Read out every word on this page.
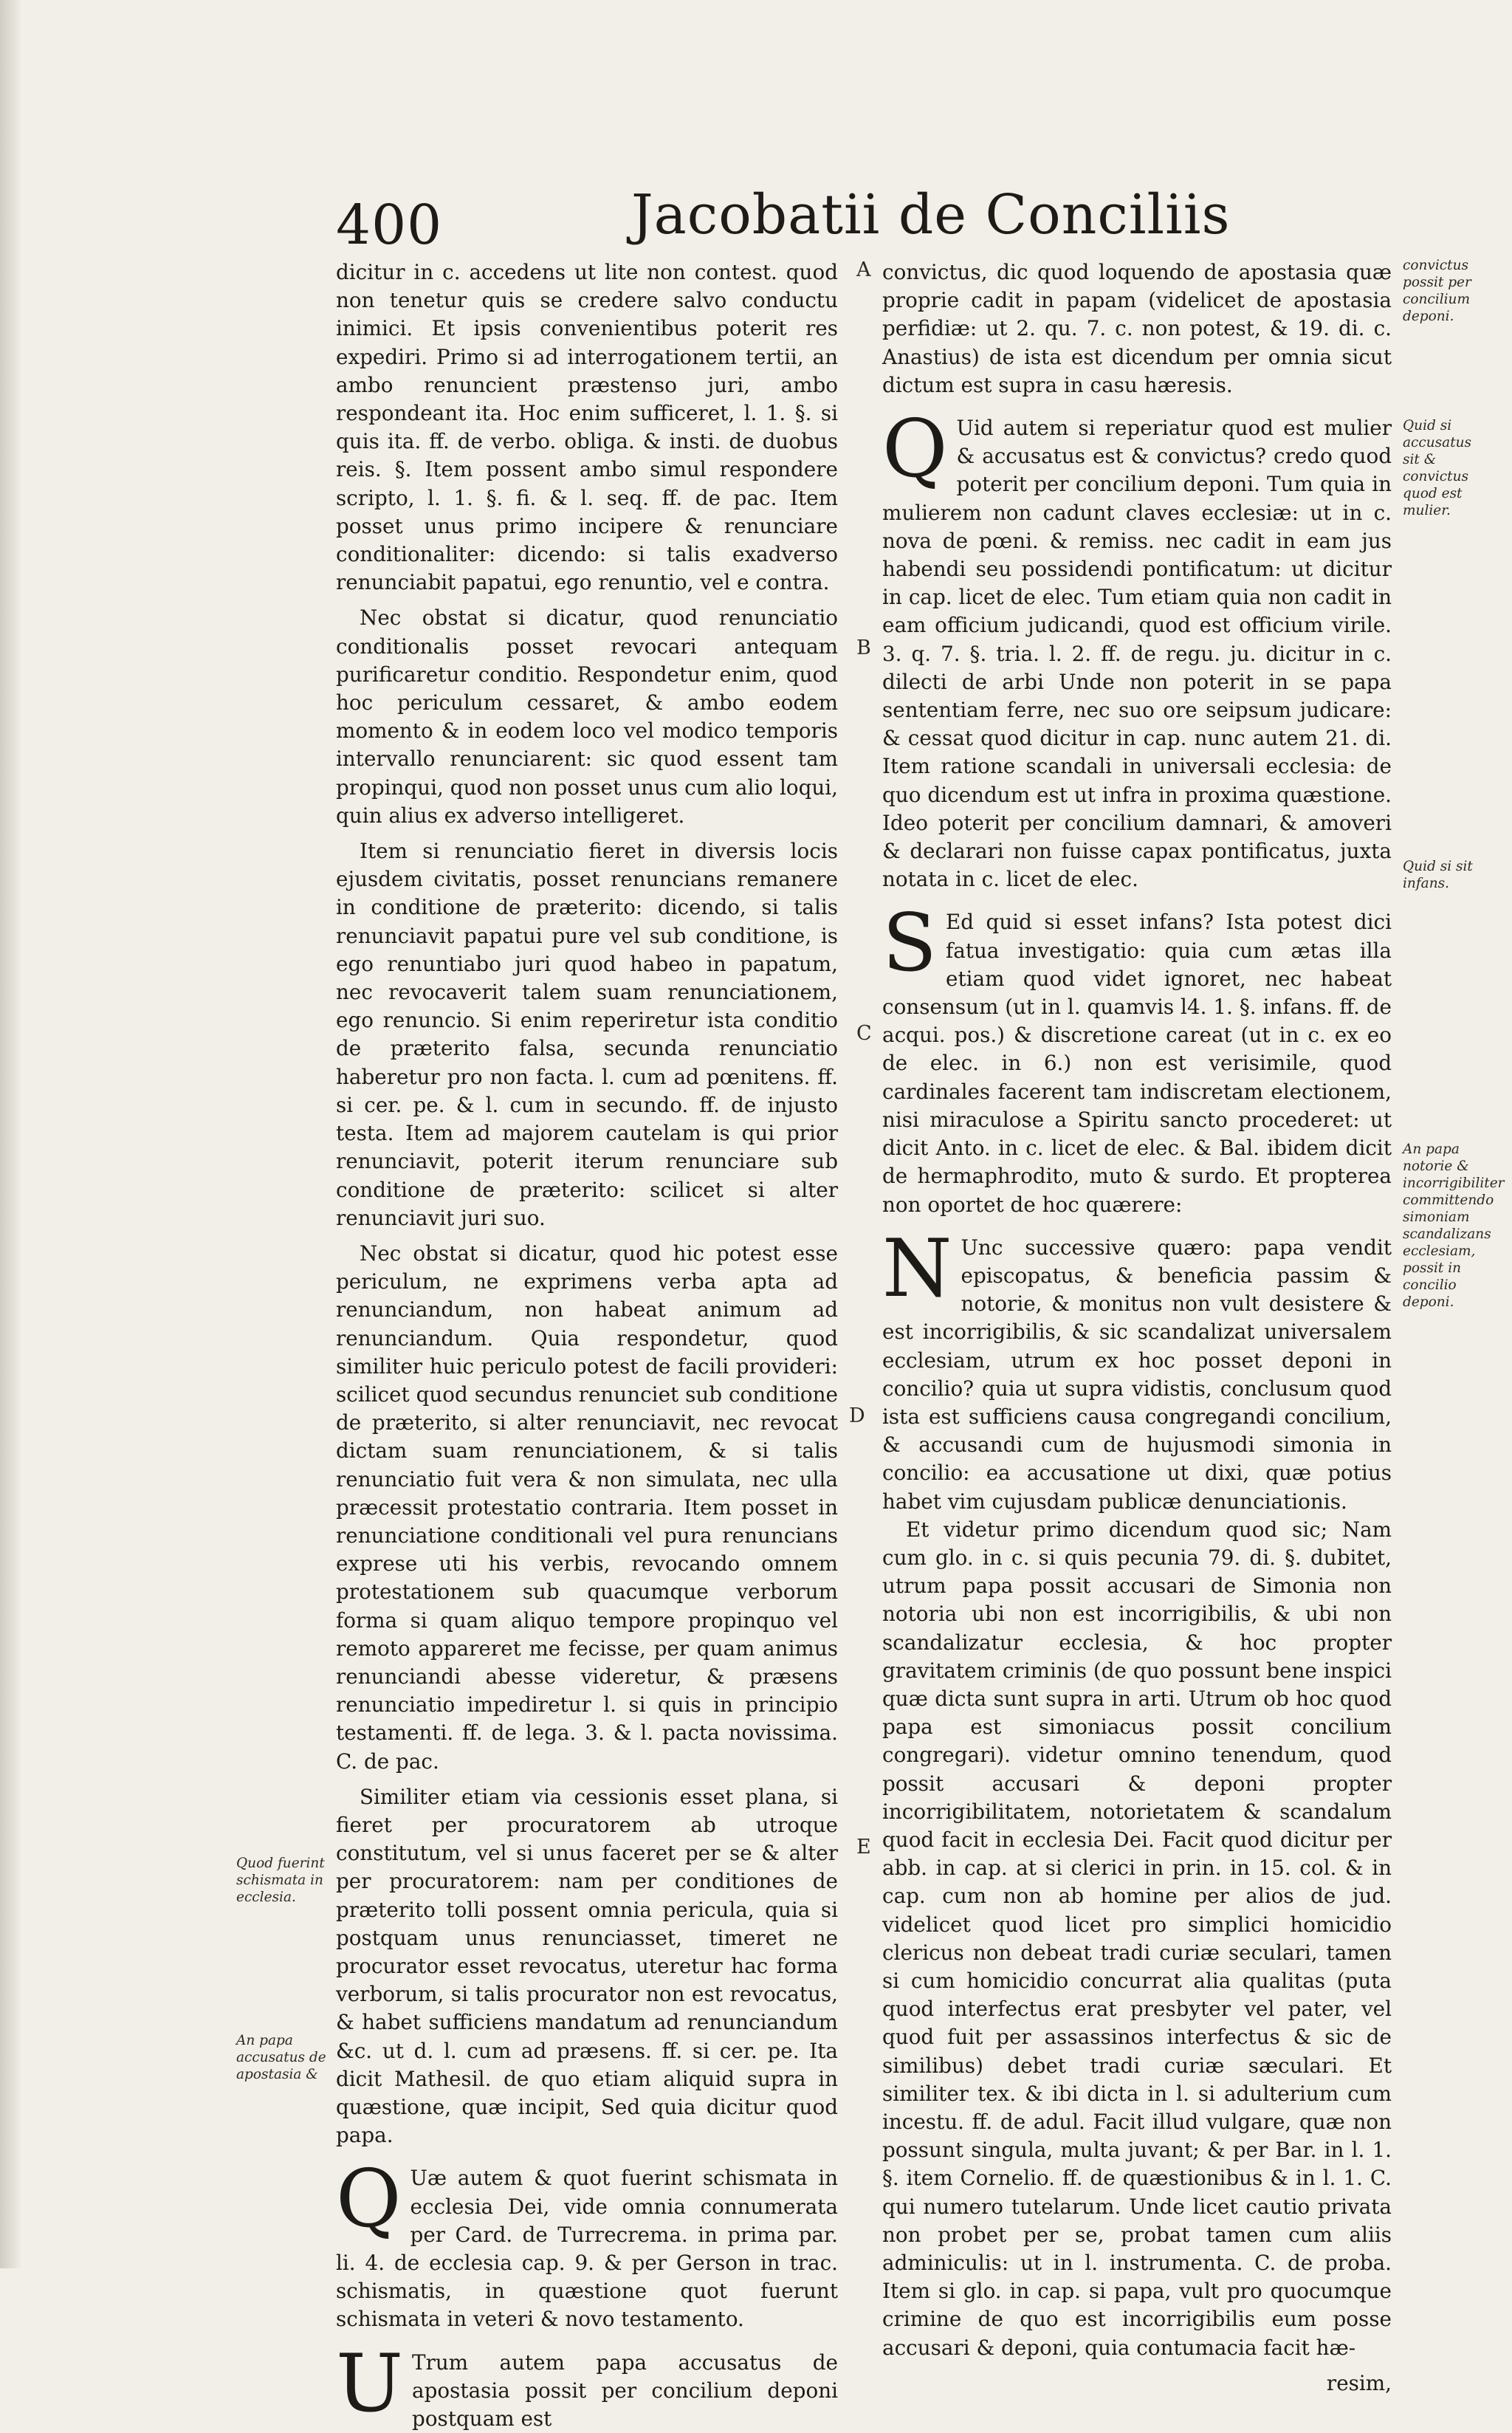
400	Jacobatii de Conciliis

dicitur in c. accedens ut lite non contest. quod non tenetur quis se credere salvo conductu inimici. Et ipsis convenientibus poterit res expediri. Primo si ad interrogationem tertii, an ambo renuncient præstenso juri, ambo respondeant ita. Hoc enim sufficeret, l. 1. §. si quis ita. ff. de verbo. obliga. & insti. de duobus reis. §. Item possent ambo simul respondere scripto, l. 1. §. fi. & l. seq. ff. de pac. Item posset unus primo incipere & renunciare conditionaliter: dicendo: si talis exadverso renunciabit papatui, ego renuntio, vel e contra.

Nec obstat si dicatur, quod renunciatio conditionalis posset revocari antequam purificaretur conditio. Respondetur enim, quod hoc periculum cessaret, & ambo eodem momento & in eodem loco vel modico temporis intervallo renunciarent: sic quod essent tam propinqui, quod non posset unus cum alio loqui, quin alius ex adverso intelligeret.

Item si renunciatio fieret in diversis locis ejusdem civitatis, posset renuncians remanere in conditione de præterito: dicendo, si talis renunciavit papatui pure vel sub conditione, is ego renuntiabo juri quod habeo in papatum, nec revocaverit talem suam renunciationem, ego renuncio. Si enim reperiretur ista conditio de præterito falsa, secunda renunciatio haberetur pro non facta. l. cum ad pœnitens. ff. si cer. pe. & l. cum in secundo. ff. de injusto testa. Item ad majorem cautelam is qui prior renunciavit, poterit iterum renunciare sub conditione de præterito: scilicet si alter renunciavit juri suo.

Nec obstat si dicatur, quod hic potest esse periculum, ne exprimens verba apta ad renunciandum, non habeat animum ad renunciandum. Quia respondetur, quod similiter huic periculo potest de facili provideri: scilicet quod secundus renunciet sub conditione de præterito, si alter renunciavit, nec revocat dictam suam renunciationem, & si talis renunciatio fuit vera & non simulata, nec ulla præcessit protestatio contraria. Item posset in renunciatione conditionali vel pura renuncians exprese uti his verbis, revocando omnem protestationem sub quacumque verborum forma si quam aliquo tempore propinquo vel remoto appareret me fecisse, per quam animus renunciandi abesse videretur, & præsens renunciatio impediretur l. si quis in principio testamenti. ff. de lega. 3. & l. pacta novissima. C. de pac.

Similiter etiam via cessionis esset plana, si fieret per procuratorem ab utroque constitutum, vel si unus faceret per se & alter per procuratorem: nam per conditiones de præterito tolli possent omnia pericula, quia si postquam unus renunciasset, timeret ne procurator esset revocatus, uteretur hac forma verborum, si talis procurator non est revocatus, & habet sufficiens mandatum ad renunciandum &c. ut d. l. cum ad præsens. ff. si cer. pe. Ita dicit Mathesil. de quo etiam aliquid supra in quæstione, quæ incipit, Sed quia dicitur quod papa.

Q Uæ autem & quot fuerint schismata in ecclesia Dei, vide omnia connumerata per Card. de Turrecrema. in prima par. li. 4. de ecclesia cap. 9. & per Gerson in trac. schismatis, in quæstione quot fuerunt schismata in veteri & novo testamento.
U Trum autem papa accusatus de apostasia possit per concilium deponi postquam est

convictus, dic quod loquendo de apostasia quæ proprie cadit in papam (videlicet de apostasia perfidiæ: ut 2. qu. 7. c. non potest, & 19. di. c. Anastius) de ista est dicendum per omnia sicut dictum est supra in casu hæresis.

Q Uid autem si reperiatur quod est mulier & accusatus est & convictus? credo quod poterit per concilium deponi. Tum quia in mulierem non cadunt claves ecclesiæ: ut in c. nova de pœni. & remiss. nec cadit in eam jus habendi seu possidendi pontificatum: ut dicitur in cap. licet de elec. Tum etiam quia non cadit in eam officium judicandi, quod est officium virile. 3. q. 7. §. tria. l. 2. ff. de regu. ju. dicitur in c. dilecti de arbi Unde non poterit in se papa sententiam ferre, nec suo ore seipsum judicare: & cessat quod dicitur in cap. nunc autem 21. di. Item ratione scandali in universali ecclesia: de quo dicendum est ut infra in proxima quæstione. Ideo poterit per concilium damnari, & amoveri & declarari non fuisse capax pontificatus, juxta notata in c. licet de elec.
S Ed quid si esset infans? Ista potest dici fatua investigatio: quia cum ætas illa etiam quod videt ignoret, nec habeat consensum (ut in l. quamvis l4. 1. §. infans. ff. de acqui. pos.) & discretione careat (ut in c. ex eo de elec. in 6.) non est verisimile, quod cardinales facerent tam indiscretam electionem, nisi miraculose a Spiritu sancto procederet: ut dicit Anto. in c. licet de elec. & Bal. ibidem dicit de hermaphrodito, muto & surdo. Et propterea non oportet de hoc quærere:
N Unc successive quæro: papa vendit episcopatus, & beneficia passim & notorie, & monitus non vult desistere & est incorrigibilis, & sic scandalizat universalem ecclesiam, utrum ex hoc posset deponi in concilio? quia ut supra vidistis, conclusum quod ista est sufficiens causa congregandi concilium, & accusandi cum de hujusmodi simonia in concilio: ea accusatione ut dixi, quæ potius habet vim cujusdam publicæ denunciationis.

Et videtur primo dicendum quod sic; Nam cum glo. in c. si quis pecunia 79. di. §. dubitet, utrum papa possit accusari de Simonia non notoria ubi non est incorrigibilis, & ubi non scandalizatur ecclesia, & hoc propter gravitatem criminis (de quo possunt bene inspici quæ dicta sunt supra in arti. Utrum ob hoc quod papa est simoniacus possit concilium congregari). videtur omnino tenendum, quod possit accusari & deponi propter incorrigibilitatem, notorietatem & scandalum quod facit in ecclesia Dei. Facit quod dicitur per abb. in cap. at si clerici in prin. in 15. col. & in cap. cum non ab homine per alios de jud. videlicet quod licet pro simplici homicidio clericus non debeat tradi curiæ seculari, tamen si cum homicidio concurrat alia qualitas (puta quod interfectus erat presbyter vel pater, vel quod fuit per assassinos interfectus & sic de similibus) debet tradi curiæ sæculari. Et similiter tex. & ibi dicta in l. si adulterium cum incestu. ff. de adul. Facit illud vulgare, quæ non possunt singula, multa juvant; & per Bar. in l. 1. §. item Cornelio. ff. de quæstionibus & in l. 1. C. qui numero tutelarum. Unde licet cautio privata non probet per se, probat tamen cum aliis adminiculis: ut in l. instrumenta. C. de proba. Item si glo. in cap. si papa, vult pro quocumque crimine de quo est incorrigibilis eum posse accusari & deponi, quia contumacia facit hæ-

resim,
A
B
C
D
E
convictus possit per concilium deponi.
Quid si accusatus sit & convictus quod est mulier.
Quid si sit infans.
An papa notorie & incorrigibiliter committendo simoniam scandalizans ecclesiam, possit in concilio deponi.
Quod fuerint schismata in ecclesia.
An papa accusatus de apostasia &
